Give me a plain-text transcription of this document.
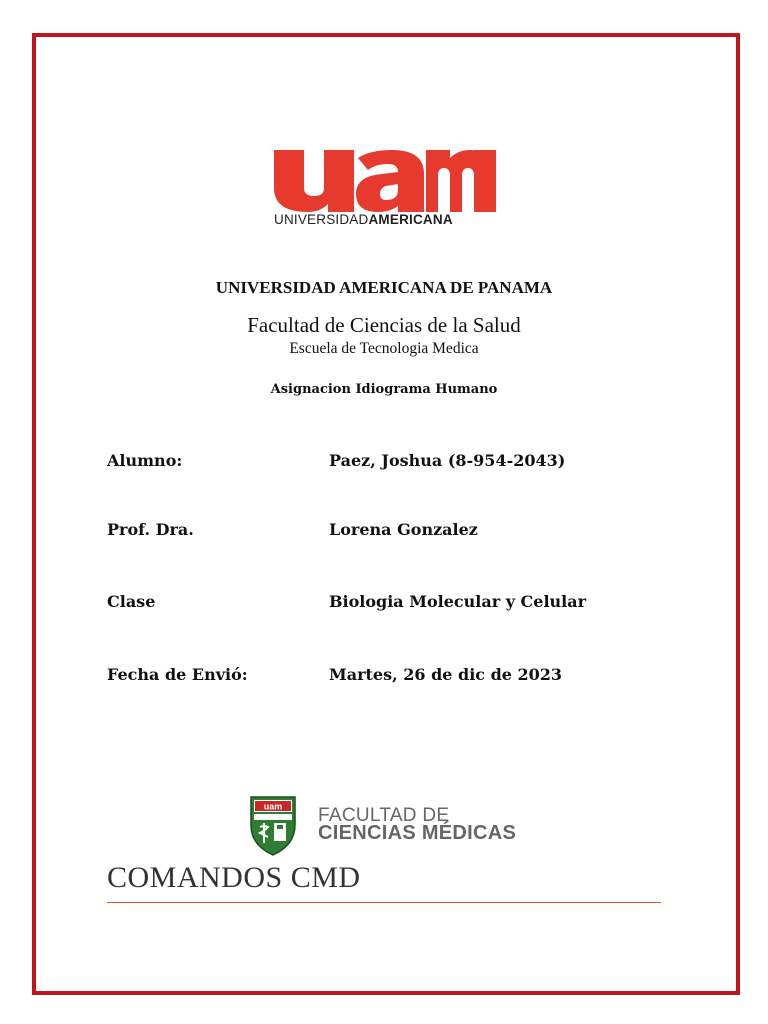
UNIVERSIDADAMERICANA
UNIVERSIDAD AMERICANA DE PANAMA
Facultad de Ciencias de la Salud
Escuela de Tecnologia Medica
Asignacion Idiograma Humano
Alumno:	Paez, Joshua (8-954-2043)
Prof. Dra.	Lorena Gonzalez
Clase	Biologia Molecular y Celular
Fecha de Envió:	Martes, 26 de dic de 2023
uam FACULTAD DE
CIENCIAS MÉDICAS
COMANDOS CMD
